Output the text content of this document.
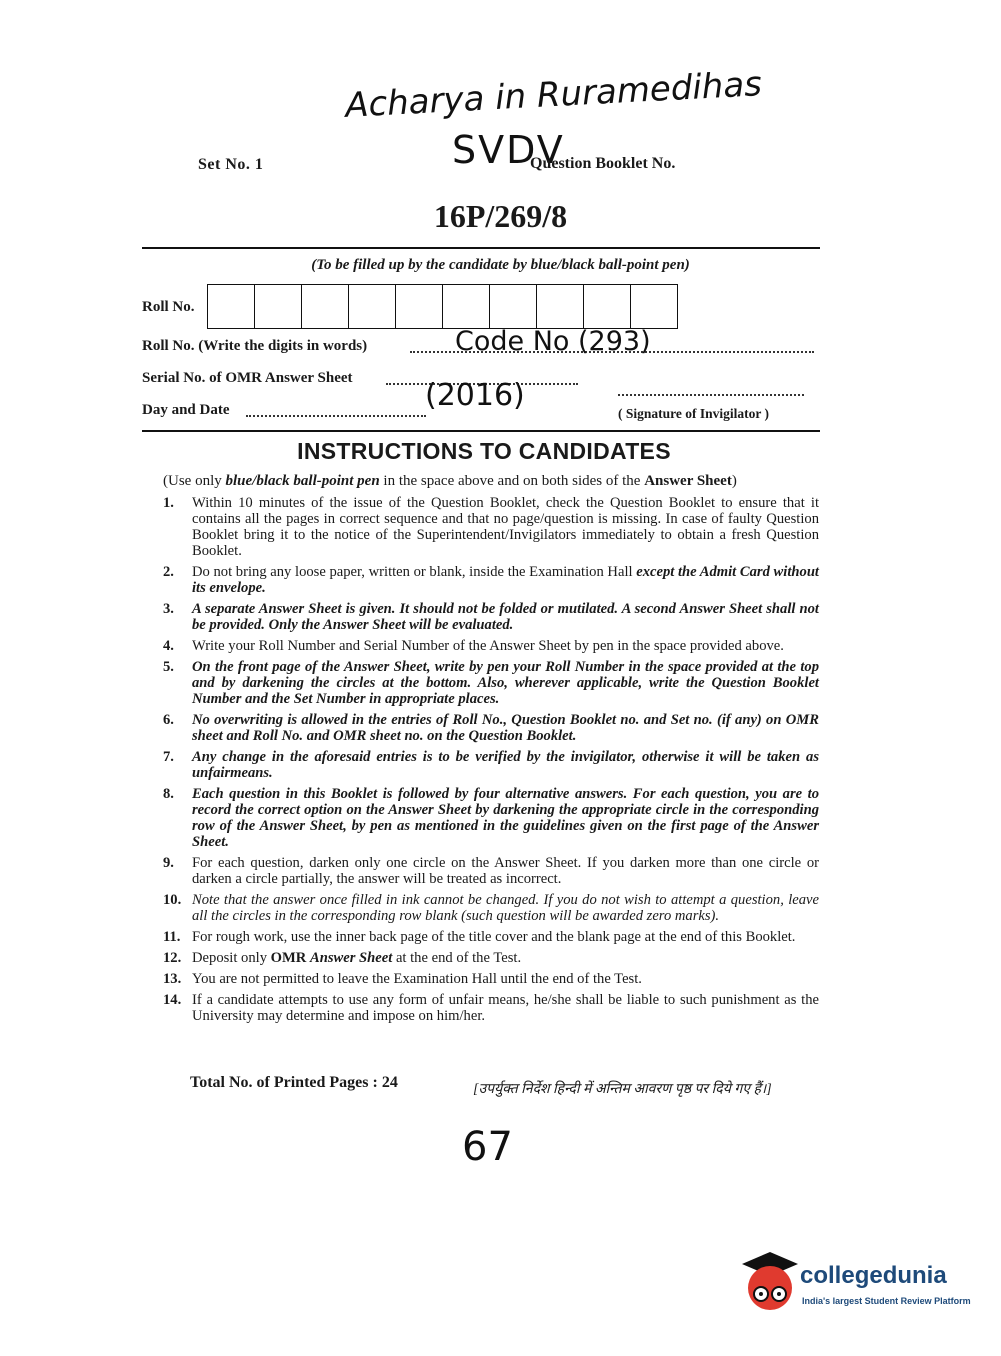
Acharya in Ruramedihas
SVDV
Set No. 1	Question Booklet No.
16P/269/8
(To be filled up by the candidate by blue/black ball-point pen)
Roll No.
Roll No. (Write the digits in words)	Code No (293)
Serial No. of OMR Answer Sheet
Day and Date	(2016)
( Signature of Invigilator )
INSTRUCTIONS TO CANDIDATES
(Use only blue/black ball-point pen in the space above and on both sides of the Answer Sheet)
1. Within 10 minutes of the issue of the Question Booklet, check the Question Booklet to ensure that it contains all the pages in correct sequence and that no page/question is missing. In case of faulty Question Booklet bring it to the notice of the Superintendent/Invigilators immediately to obtain a fresh Question Booklet.
2. Do not bring any loose paper, written or blank, inside the Examination Hall except the Admit Card without its envelope.
3. A separate Answer Sheet is given. It should not be folded or mutilated. A second Answer Sheet shall not be provided. Only the Answer Sheet will be evaluated.
4. Write your Roll Number and Serial Number of the Answer Sheet by pen in the space provided above.
5. On the front page of the Answer Sheet, write by pen your Roll Number in the space provided at the top and by darkening the circles at the bottom. Also, wherever applicable, write the Question Booklet Number and the Set Number in appropriate places.
6. No overwriting is allowed in the entries of Roll No., Question Booklet no. and Set no. (if any) on OMR sheet and Roll No. and OMR sheet no. on the Question Booklet.
7. Any change in the aforesaid entries is to be verified by the invigilator, otherwise it will be taken as unfairmeans.
8. Each question in this Booklet is followed by four alternative answers. For each question, you are to record the correct option on the Answer Sheet by darkening the appropriate circle in the corresponding row of the Answer Sheet, by pen as mentioned in the guidelines given on the first page of the Answer Sheet.
9. For each question, darken only one circle on the Answer Sheet. If you darken more than one circle or darken a circle partially, the answer will be treated as incorrect.
10. Note that the answer once filled in ink cannot be changed. If you do not wish to attempt a question, leave all the circles in the corresponding row blank (such question will be awarded zero marks).
11. For rough work, use the inner back page of the title cover and the blank page at the end of this Booklet.
12. Deposit only OMR Answer Sheet at the end of the Test.
13. You are not permitted to leave the Examination Hall until the end of the Test.
14. If a candidate attempts to use any form of unfair means, he/she shall be liable to such punishment as the University may determine and impose on him/her.
Total No. of Printed Pages : 24	[उपर्युक्त निर्देश हिन्दी में अन्तिम आवरण पृष्ठ पर दिये गए हैं।]
67
collegedunia
India's largest Student Review Platform
